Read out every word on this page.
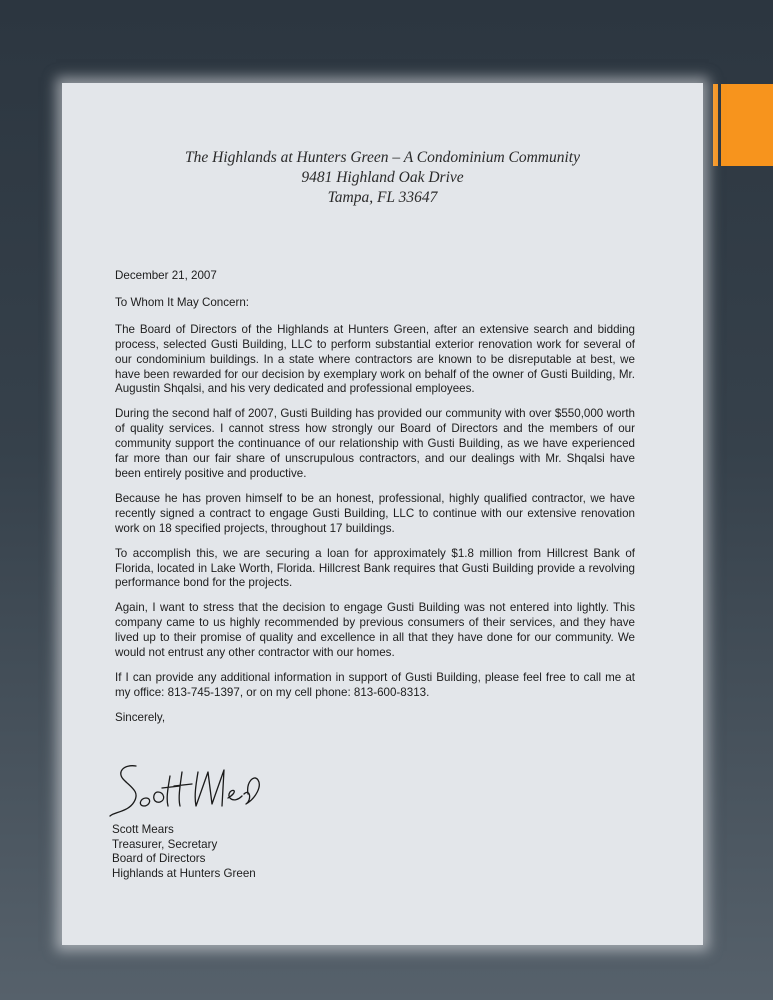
The Highlands at Hunters Green – A Condominium Community
9481 Highland Oak Drive
Tampa, FL 33647

December 21, 2007

To Whom It May Concern:

The Board of Directors of the Highlands at Hunters Green, after an extensive search and bidding process, selected Gusti Building, LLC to perform substantial exterior renovation work for several of our condominium buildings. In a state where contractors are known to be disreputable at best, we have been rewarded for our decision by exemplary work on behalf of the owner of Gusti Building, Mr. Augustin Shqalsi, and his very dedicated and professional employees.

During the second half of 2007, Gusti Building has provided our community with over $550,000 worth of quality services. I cannot stress how strongly our Board of Directors and the members of our community support the continuance of our relationship with Gusti Building, as we have experienced far more than our fair share of unscrupulous contractors, and our dealings with Mr. Shqalsi have been entirely positive and productive.

Because he has proven himself to be an honest, professional, highly qualified contractor, we have recently signed a contract to engage Gusti Building, LLC to continue with our extensive renovation work on 18 specified projects, throughout 17 buildings.

To accomplish this, we are securing a loan for approximately $1.8 million from Hillcrest Bank of Florida, located in Lake Worth, Florida. Hillcrest Bank requires that Gusti Building provide a revolving performance bond for the projects.

Again, I want to stress that the decision to engage Gusti Building was not entered into lightly. This company came to us highly recommended by previous consumers of their services, and they have lived up to their promise of quality and excellence in all that they have done for our community. We would not entrust any other contractor with our homes.

If I can provide any additional information in support of Gusti Building, please feel free to call me at my office: 813-745-1397, or on my cell phone: 813-600-8313.

Sincerely,

Scott Mears
Treasurer, Secretary
Board of Directors
Highlands at Hunters Green
